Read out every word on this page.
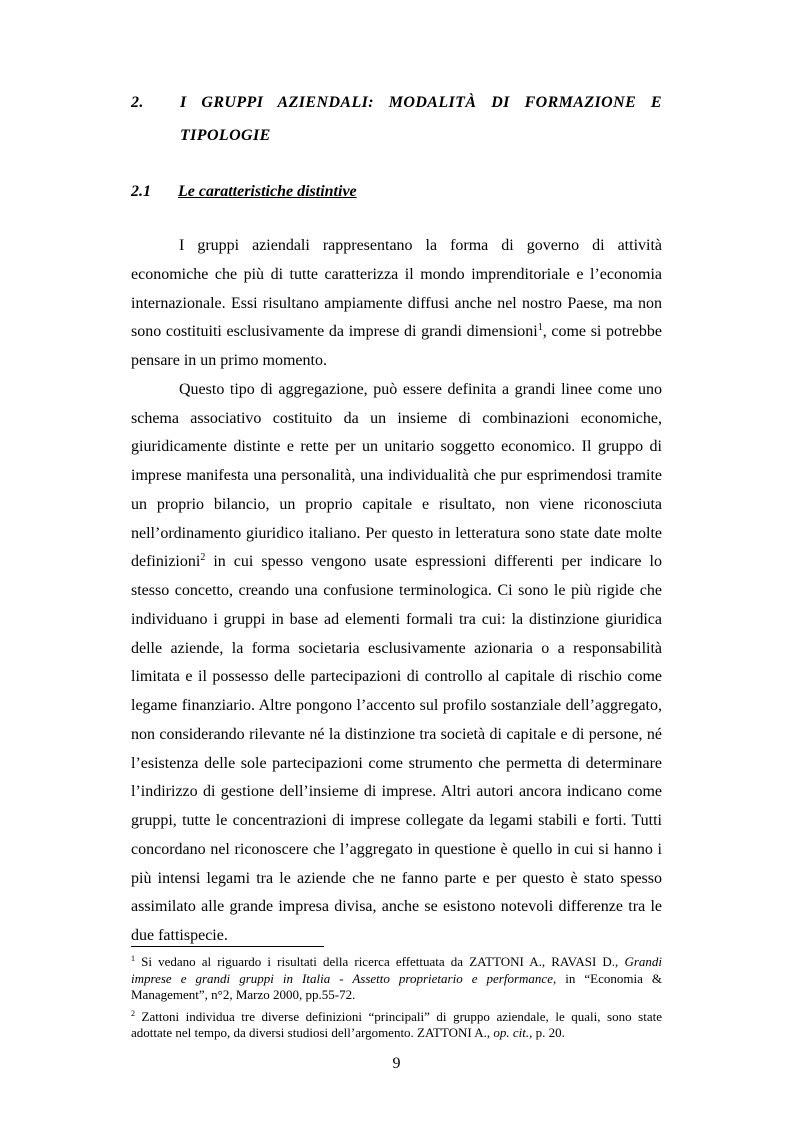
2. I GRUPPI AZIENDALI: MODALITÀ DI FORMAZIONE E
TIPOLOGIE
2.1 Le caratteristiche distintive

I gruppi aziendali rappresentano la forma di governo di attività economiche che più di tutte caratterizza il mondo imprenditoriale e l’economia internazionale. Essi risultano ampiamente diffusi anche nel nostro Paese, ma non sono costituiti esclusivamente da imprese di grandi dimensioni$^1$, come si potrebbe pensare in un primo momento.

Questo tipo di aggregazione, può essere definita a grandi linee come uno schema associativo costituito da un insieme di combinazioni economiche, giuridicamente distinte e rette per un unitario soggetto economico. Il gruppo di imprese manifesta una personalità, una individualità che pur esprimendosi tramite un proprio bilancio, un proprio capitale e risultato, non viene riconosciuta nell’ordinamento giuridico italiano. Per questo in letteratura sono state date molte definizioni$^2$ in cui spesso vengono usate espressioni differenti per indicare lo stesso concetto, creando una confusione terminologica. Ci sono le più rigide che individuano i gruppi in base ad elementi formali tra cui: la distinzione giuridica delle aziende, la forma societaria esclusivamente azionaria o a responsabilità limitata e il possesso delle partecipazioni di controllo al capitale di rischio come legame finanziario. Altre pongono l’accento sul profilo sostanziale dell’aggregato, non considerando rilevante né la distinzione tra società di capitale e di persone, né l’esistenza delle sole partecipazioni come strumento che permetta di determinare l’indirizzo di gestione dell’insieme di imprese. Altri autori ancora indicano come gruppi, tutte le concentrazioni di imprese collegate da legami stabili e forti. Tutti concordano nel riconoscere che l’aggregato in questione è quello in cui si hanno i più intensi legami tra le aziende che ne fanno parte e per questo è stato spesso assimilato alle grande impresa divisa, anche se esistono notevoli differenze tra le due fattispecie.

$^1$ Si vedano al riguardo i risultati della ricerca effettuata da ZATTONI A., RAVASI D., Grandi imprese e grandi gruppi in Italia - Assetto proprietario e performance, in “Economia & Management”, n°2, Marzo 2000, pp.55-72.

$^2$ Zattoni individua tre diverse definizioni “principali” di gruppo aziendale, le quali, sono state adottate nel tempo, da diversi studiosi dell’argomento. ZATTONI A., op. cit., p. 20.

9
